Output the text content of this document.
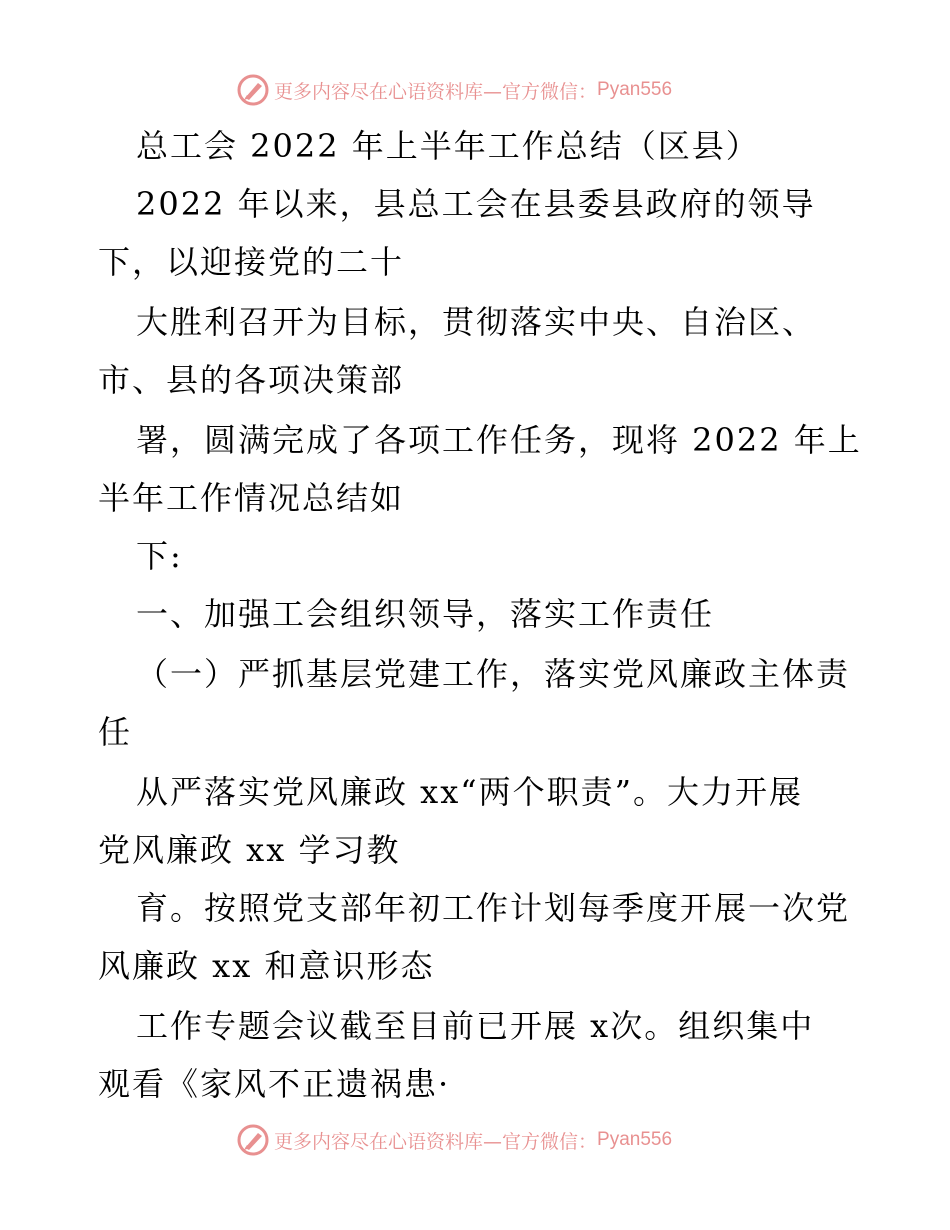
更多内容尽在心语资料库—官方微信： Pyan556

总工会 2022 年上半年工作总结（区县）

2022 年以来，县总工会在县委县政府的领导

下，以迎接党的二十

大胜利召开为目标，贯彻落实中央、自治区、

市、县的各项决策部

署，圆满完成了各项工作任务，现将 2022 年上

半年工作情况总结如

下:

一、加强工会组织领导，落实工作责任

（一）严抓基层党建工作，落实党风廉政主体责

任

从严落实党风廉政 xx“两个职责”。大力开展

党风廉政 xx 学习教

育。按照党支部年初工作计划每季度开展一次党

风廉政 xx 和意识形态

工作专题会议截至目前已开展 x次。组织集中

观看《家风不正遗祸患·

更多内容尽在心语资料库—官方微信： Pyan556
